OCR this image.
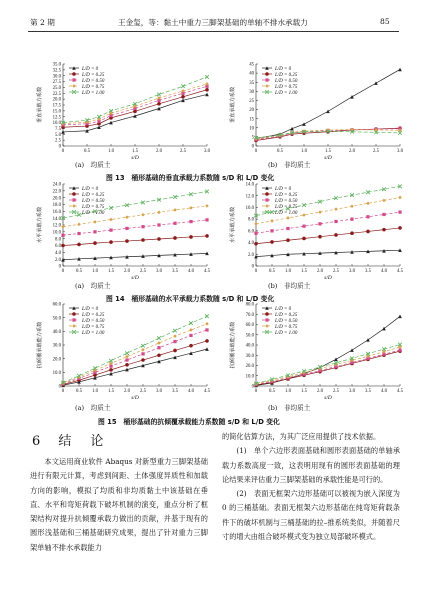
第 2 期	王金玺，等：黏土中重力三脚架基础的单轴不排水承载力	85
0
2.5
5.0
7.5
10.0
12.5
15.0
17.5
20.0
22.5
25.0
27.5
30.0
32.5
35.0
0	0.5	1.0	1.5	2.0	2.5	3.0
s/D
垂直承载力系数
L/D = 0
L/D = 0.25
L/D = 0.50
L/D = 0.75
L/D = 1.00
0
5
10
15
20
25
30
35
40
45
0	0.5	1.0	1.5	2.0	2.5	3.0
s/D
垂直承载力系数
L/D = 0
L/D = 0.25
L/D = 0.50
L/D = 0.75
L/D = 1.00
(a)　均质土	(b)　非均质土
图 13　桶形基础的垂直承载力系数随 s/D 和 L/D 变化
0
2.0
4.0
6.0
8.0
10.0
12.0
14.0
16.0
18.0
20.0
22.0
24.0
0 0.5 1.0 1.5 2.0 2.5 3.0 3.5 4.0 4.5
s/D
水平承载力系数
L/D = 0
L/D = 0.25
L/D = 0.50
L/D = 0.75
L/D = 1.00
0
2.0
4.0
6.0
8.0
10.0
12.0
14.0
0 0.5 1.0 1.5 2.0 2.5 3.0 3.5 4.0 4.5
s/D
水平承载力系数
L/D = 0
L/D = 0.25
L/D = 0.50
L/D = 0.75
L/D = 1.00
(a)　均质土	(b)　非均质土
图 14　桶形基础的水平承载力系数随 s/D 和 L/D 变化
0
10.0
20.0
30.0
40.0
50.0
60.0
0 0.5 1.0 1.5 2.0 2.5 3.0 3.5 4.0 4.5
s/D
抗倾覆承载能力系数
L/D = 0
L/D = 0.25
L/D = 0.50
L/D = 0.75
L/D = 1.00
0
10.0
20.0
30.0
40.0
50.0
60.0
70.0
80.0
0 0.5 1.0 1.5 2.0 2.5 3.0 3.5 4.0 4.5
s/D
抗倾覆承载能力系数
L/D = 0
L/D = 0.25
L/D = 0.50
L/D = 0.75
L/D = 1.00
(a)　均质土	(b)　非均质土
图 15　桶形基础的抗倾覆承载能力系数随 s/D 和 L/D 变化
6 结　论

本文运用商业软件 Abaqus 对新型重力三脚架基础进行有限元计算，考虑到间距、土体强度异质性和加载方向的影响，模拟了均质和非均质黏土中该基础在垂直、水平和弯矩荷载下破坏机制的演变，重点分析了框架结构对提升抗倾覆承载力做出的贡献，并基于现有的圆形浅基础和三桶基础研究成果，提出了针对重力三脚架单轴不排水承载能力

的简化估算方法，为其广泛应用提供了技术依据。

(1)　单个六边形表面基础和圆形表面基础的单轴承载力系数高度一致，这表明用现有的圆形表面基础的理论结果来评估重力三脚架基础的承载性能是可行的。

(2)　表面无框架六边形基础可以被视为嵌入深度为 0 的三桶基础。表面无框架六边形基础在纯弯矩荷载条件下的破坏机制与三桶基础的拉–推系统类似，并随着尺寸的增大由组合破坏模式变为独立局部破坏模式。
